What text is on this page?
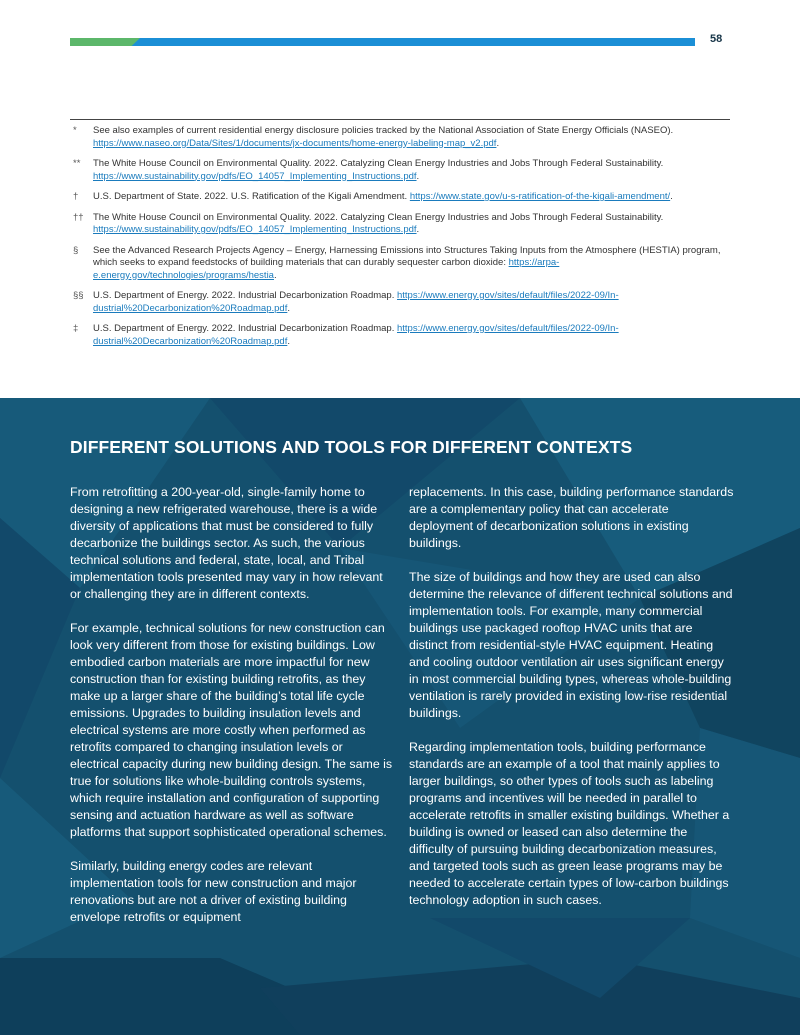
58
*	See also examples of current residential energy disclosure policies tracked by the National Association of State Energy Officials (NASEO). https://www.naseo.org/Data/Sites/1/documents/jx-documents/home-energy-labeling-map_v2.pdf.
**	The White House Council on Environmental Quality. 2022. Catalyzing Clean Energy Industries and Jobs Through Federal Sustainability. https://www.sustainability.gov/pdfs/EO_14057_Implementing_Instructions.pdf.
†	U.S. Department of State. 2022. U.S. Ratification of the Kigali Amendment. https://www.state.gov/u-s-ratification-of-the-kigali-amendment/.
†† The White House Council on Environmental Quality. 2022. Catalyzing Clean Energy Industries and Jobs Through Federal Sustainability. https://www.sustainability.gov/pdfs/EO_14057_Implementing_Instructions.pdf.
§	See the Advanced Research Projects Agency – Energy, Harnessing Emissions into Structures Taking Inputs from the Atmosphere (HESTIA) program, which seeks to expand feedstocks of building materials that can durably sequester carbon dioxide: https://arpa-e.energy.gov/technologies/programs/hestia.
§§ U.S. Department of Energy. 2022. Industrial Decarbonization Roadmap. https://www.energy.gov/sites/default/files/2022-09/Industrial%20Decarbonization%20Roadmap.pdf.
‡	U.S. Department of Energy. 2022. Industrial Decarbonization Roadmap. https://www.energy.gov/sites/default/files/2022-09/Industrial%20Decarbonization%20Roadmap.pdf.
DIFFERENT SOLUTIONS AND TOOLS FOR DIFFERENT CONTEXTS

From retrofitting a 200-year-old, single-family home to designing a new refrigerated warehouse, there is a wide diversity of applications that must be considered to fully decarbonize the buildings sector. As such, the various technical solutions and federal, state, local, and Tribal implementation tools presented may vary in how relevant or challenging they are in different contexts.

For example, technical solutions for new construction can look very different from those for existing buildings. Low embodied carbon materials are more impactful for new construction than for existing building retrofits, as they make up a larger share of the building’s total life cycle emissions. Upgrades to building insulation levels and electrical systems are more costly when performed as retrofits compared to changing insulation levels or electrical capacity during new building design. The same is true for solutions like whole-building controls systems, which require installation and configuration of supporting sensing and actuation hardware as well as software platforms that support sophisticated operational schemes.

Similarly, building energy codes are relevant implementation tools for new construction and major renovations but are not a driver of existing building envelope retrofits or equipment

replacements. In this case, building performance standards are a complementary policy that can accelerate deployment of decarbonization solutions in existing buildings.

The size of buildings and how they are used can also determine the relevance of different technical solutions and implementation tools. For example, many commercial buildings use packaged rooftop HVAC units that are distinct from residential-style HVAC equipment. Heating and cooling outdoor ventilation air uses significant energy in most commercial building types, whereas whole-building ventilation is rarely provided in existing low-rise residential buildings.

Regarding implementation tools, building performance standards are an example of a tool that mainly applies to larger buildings, so other types of tools such as labeling programs and incentives will be needed in parallel to accelerate retrofits in smaller existing buildings. Whether a building is owned or leased can also determine the difficulty of pursuing building decarbonization measures, and targeted tools such as green lease programs may be needed to accelerate certain types of low-carbon buildings technology adoption in such cases.
